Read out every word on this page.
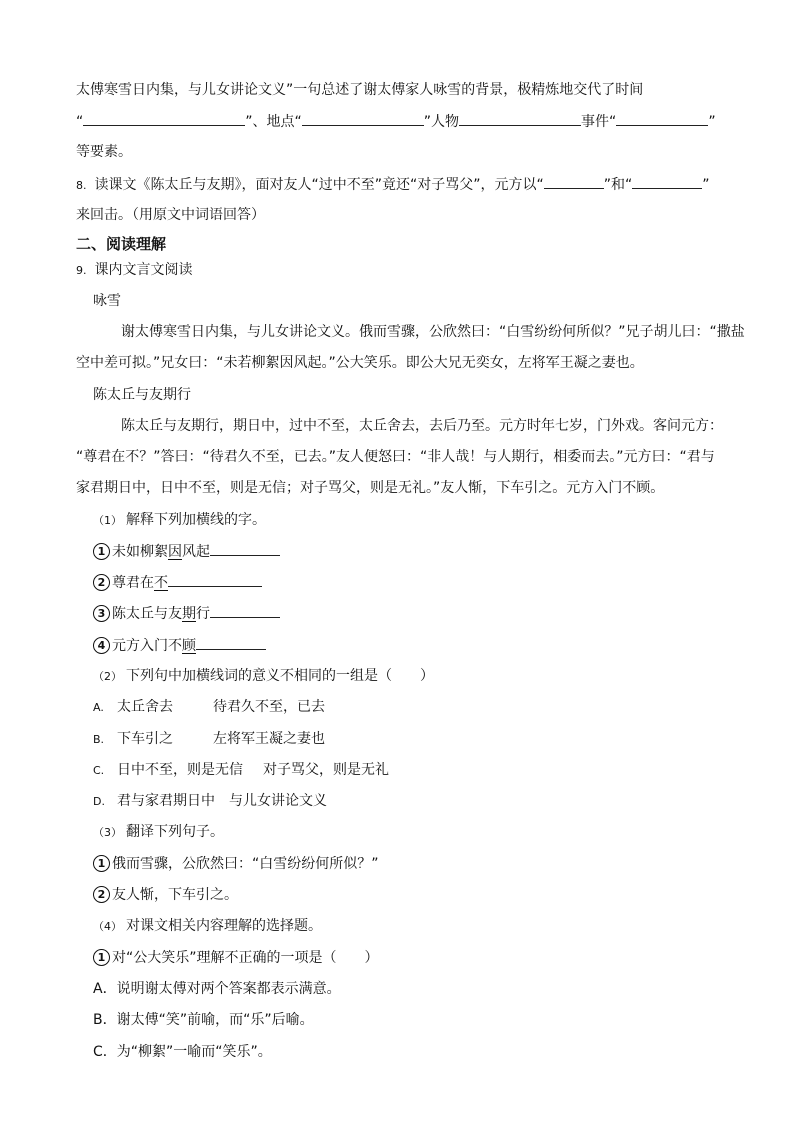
太傅寒雪日内集，与儿女讲论文义”一句总述了谢太傅家人咏雪的背景，极精炼地交代了时间
“	”、地点“	”人物	事件“	”
等要素。
8. 读课文《陈太丘与友期》，面对友人“过中不至”竟还“对子骂父”，元方以“	”和“	”
来回击。（用原文中词语回答）
二、阅读理解
9. 课内文言文阅读
咏雪
谢太傅寒雪日内集，与儿女讲论文义。俄而雪骤，公欣然曰：“白雪纷纷何所似？”兄子胡儿曰：“撒盐
空中差可拟。”兄女曰：“未若柳絮因风起。”公大笑乐。即公大兄无奕女，左将军王凝之妻也。
陈太丘与友期行
陈太丘与友期行，期日中，过中不至，太丘舍去，去后乃至。元方时年七岁，门外戏。客问元方：
“尊君在不？”答曰：“待君久不至，已去。”友人便怒曰：“非人哉！与人期行，相委而去。”元方曰：“君与
家君期日中，日中不至，则是无信；对子骂父，则是无礼。”友人惭，下车引之。元方入门不顾。
（1） 解释下列加横线的字。
1 未如柳絮因风起
2 尊君在不
3 陈太丘与友期行
4 元方入门不顾
（2） 下列句中加横线词的意义不相同的一组是（　　）
A. 太丘舍去	待君久不至，已去
B. 下车引之	左将军王凝之妻也
C. 日中不至，则是无信 对子骂父，则是无礼
D. 君与家君期日中 与儿女讲论文义
（3） 翻译下列句子。
1 俄而雪骤，公欣然曰：“白雪纷纷何所似？”
2 友人惭，下车引之。
（4） 对课文相关内容理解的选择题。
1 对“公大笑乐”理解不正确的一项是（　　）
A．说明谢太傅对两个答案都表示满意。
B．谢太傅“笑”前喻，而“乐”后喻。
C．为“柳絮”一喻而“笑乐”。
